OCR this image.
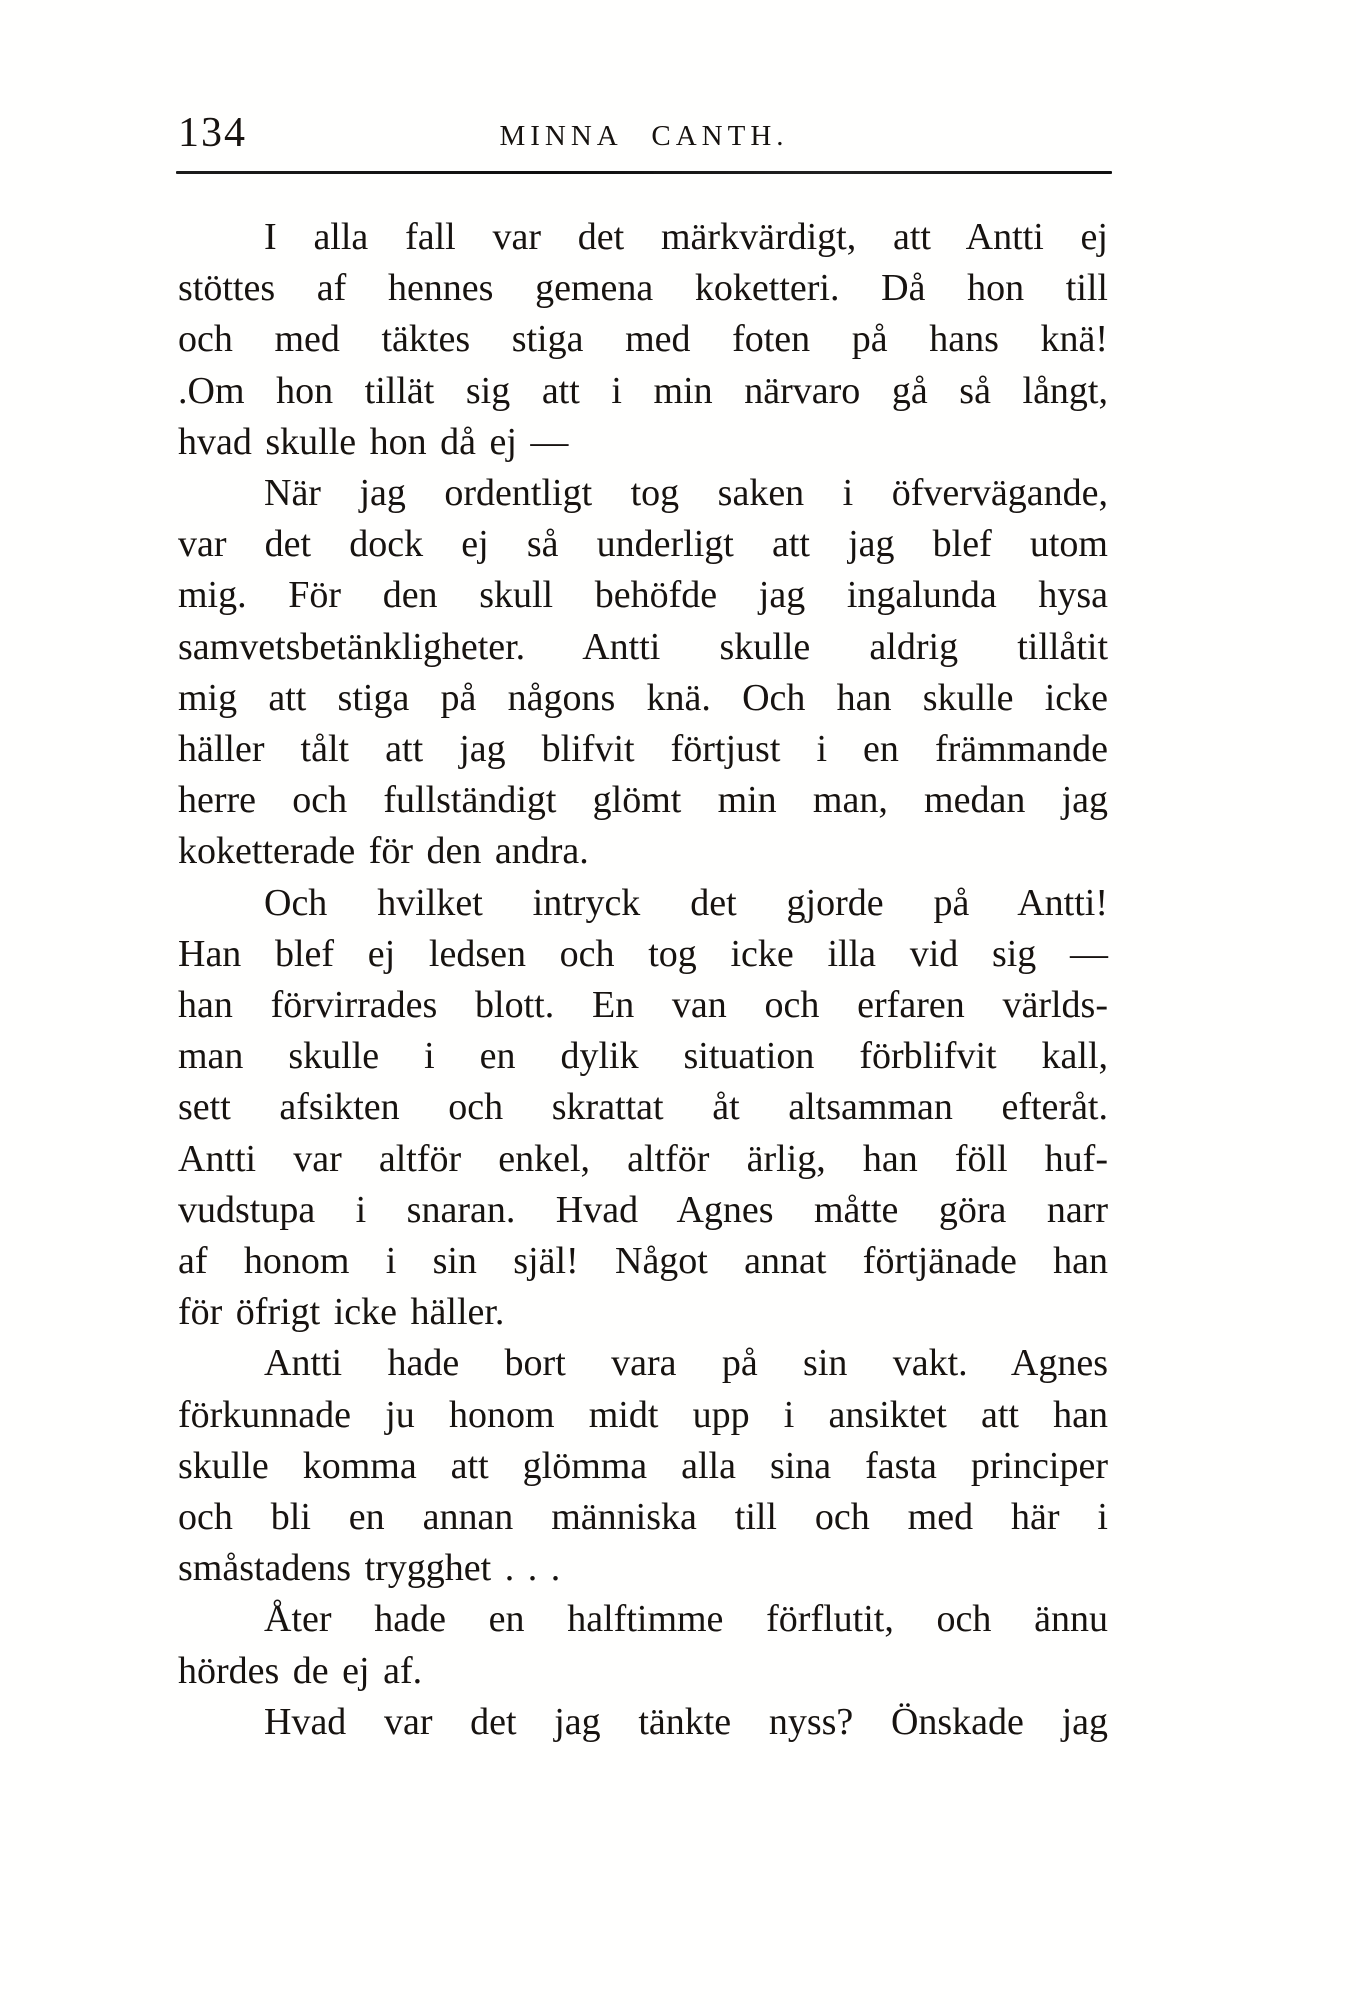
134	MINNA CANTH.
I alla fall var det märkvärdigt, att Antti ej
stöttes af hennes gemena koketteri. Då hon till
och med täktes stiga med foten på hans knä!
.Om hon tillät sig att i min närvaro gå så långt,
hvad skulle hon då ej —
När jag ordentligt tog saken i öfvervägande,
var det dock ej så underligt att jag blef utom
mig. För den skull behöfde jag ingalunda hysa
samvetsbetänkligheter. Antti skulle aldrig tillåtit
mig att stiga på någons knä. Och han skulle icke
häller tålt att jag blifvit förtjust i en främmande
herre och fullständigt glömt min man, medan jag
koketterade för den andra.
Och hvilket intryck det gjorde på Antti!
Han blef ej ledsen och tog icke illa vid sig —
han förvirrades blott. En van och erfaren världs-
man skulle i en dylik situation förblifvit kall,
sett afsikten och skrattat åt altsamman efteråt.
Antti var altför enkel, altför ärlig, han föll huf-
vudstupa i snaran. Hvad Agnes måtte göra narr
af honom i sin själ! Något annat förtjänade han
för öfrigt icke häller.
Antti hade bort vara på sin vakt. Agnes
förkunnade ju honom midt upp i ansiktet att han
skulle komma att glömma alla sina fasta principer
och bli en annan människa till och med här i
småstadens trygghet . . .
Åter hade en halftimme förflutit, och ännu
hördes de ej af.
Hvad var det jag tänkte nyss? Önskade jag
